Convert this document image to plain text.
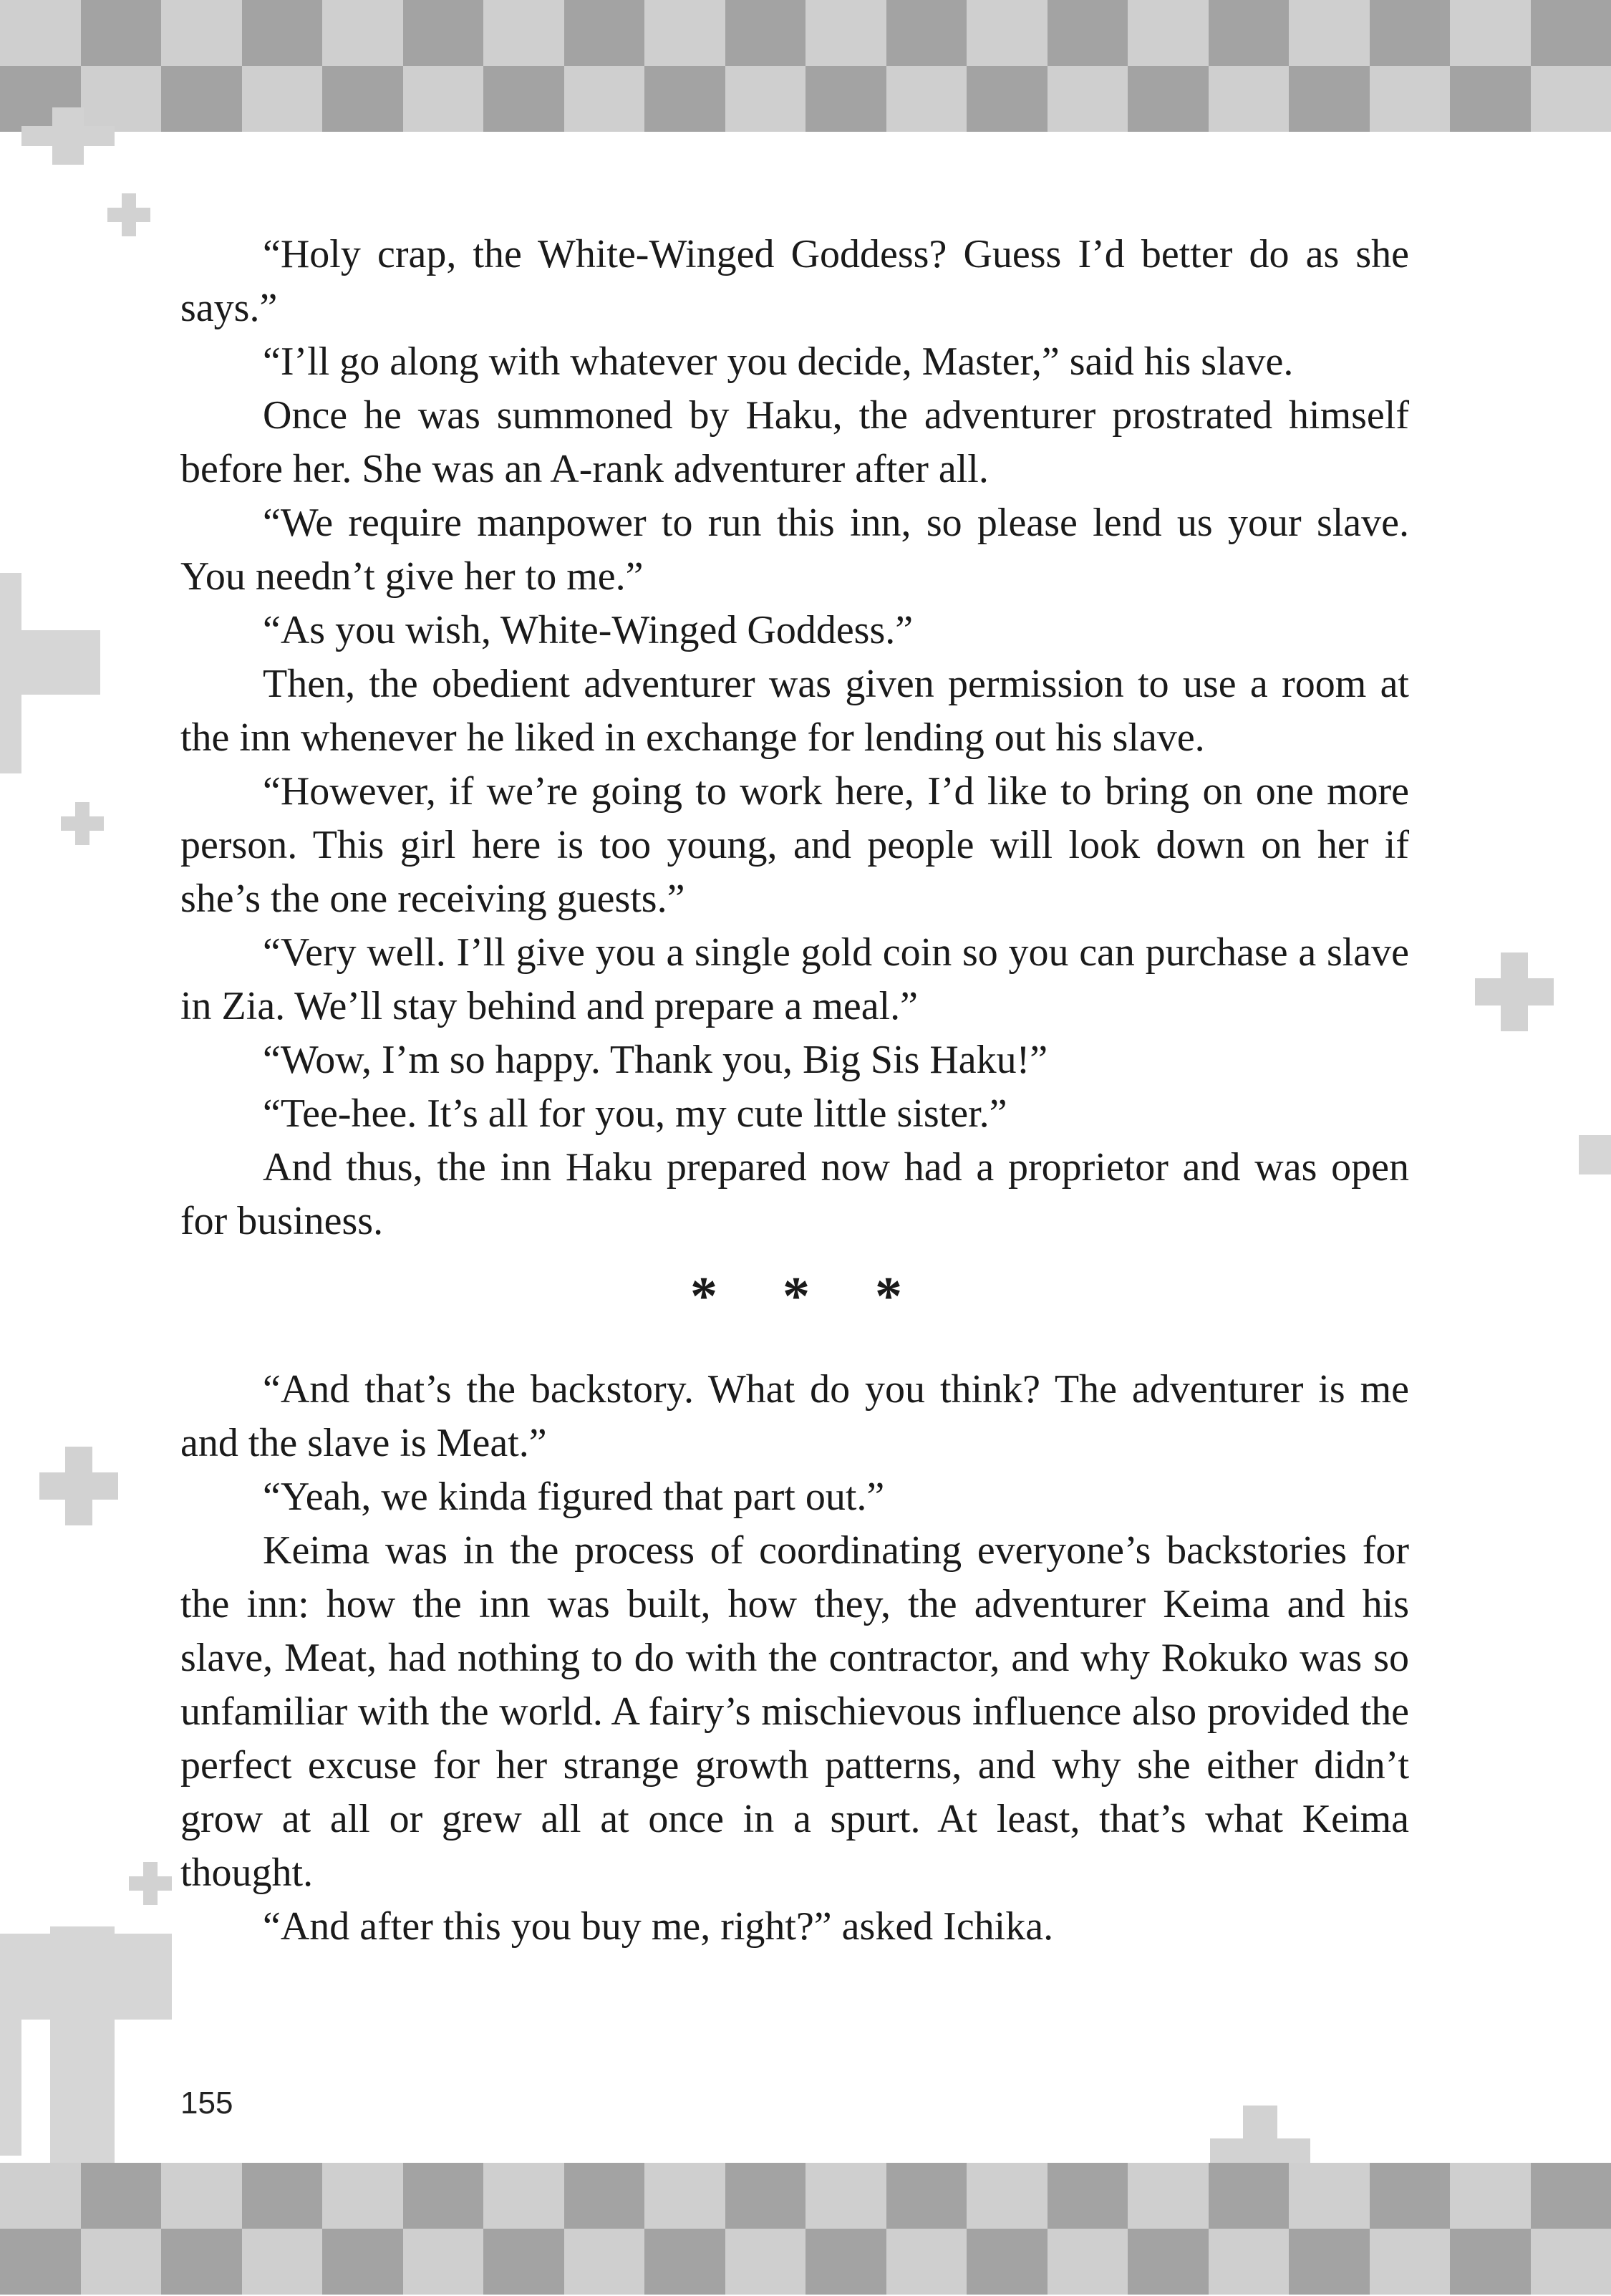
“Holy crap, the White-Winged Goddess? Guess I’d better do as she says.”

“I’ll go along with whatever you decide, Master,” said his slave.

Once he was summoned by Haku, the adventurer prostrated himself before her. She was an A-rank adventurer after all.

“We require manpower to run this inn, so please lend us your slave. You needn’t give her to me.”

“As you wish, White-Winged Goddess.”

Then, the obedient adventurer was given permission to use a room at the inn whenever he liked in exchange for lending out his slave.

“However, if we’re going to work here, I’d like to bring on one more person. This girl here is too young, and people will look down on her if she’s the one receiving guests.”

“Very well. I’ll give you a single gold coin so you can purchase a slave in Zia. We’ll stay behind and prepare a meal.”

“Wow, I’m so happy. Thank you, Big Sis Haku!”

“Tee-hee. It’s all for you, my cute little sister.”

And thus, the inn Haku prepared now had a proprietor and was open for business.

* * *

“And that’s the backstory. What do you think? The adventurer is me and the slave is Meat.”

“Yeah, we kinda figured that part out.”

Keima was in the process of coordinating everyone’s backstories for the inn: how the inn was built, how they, the adventurer Keima and his slave, Meat, had nothing to do with the contractor, and why Rokuko was so unfamiliar with the world. A fairy’s mischievous influence also provided the perfect excuse for her strange growth patterns, and why she either didn’t grow at all or grew all at once in a spurt. At least, that’s what Keima thought.

“And after this you buy me, right?” asked Ichika.

155
